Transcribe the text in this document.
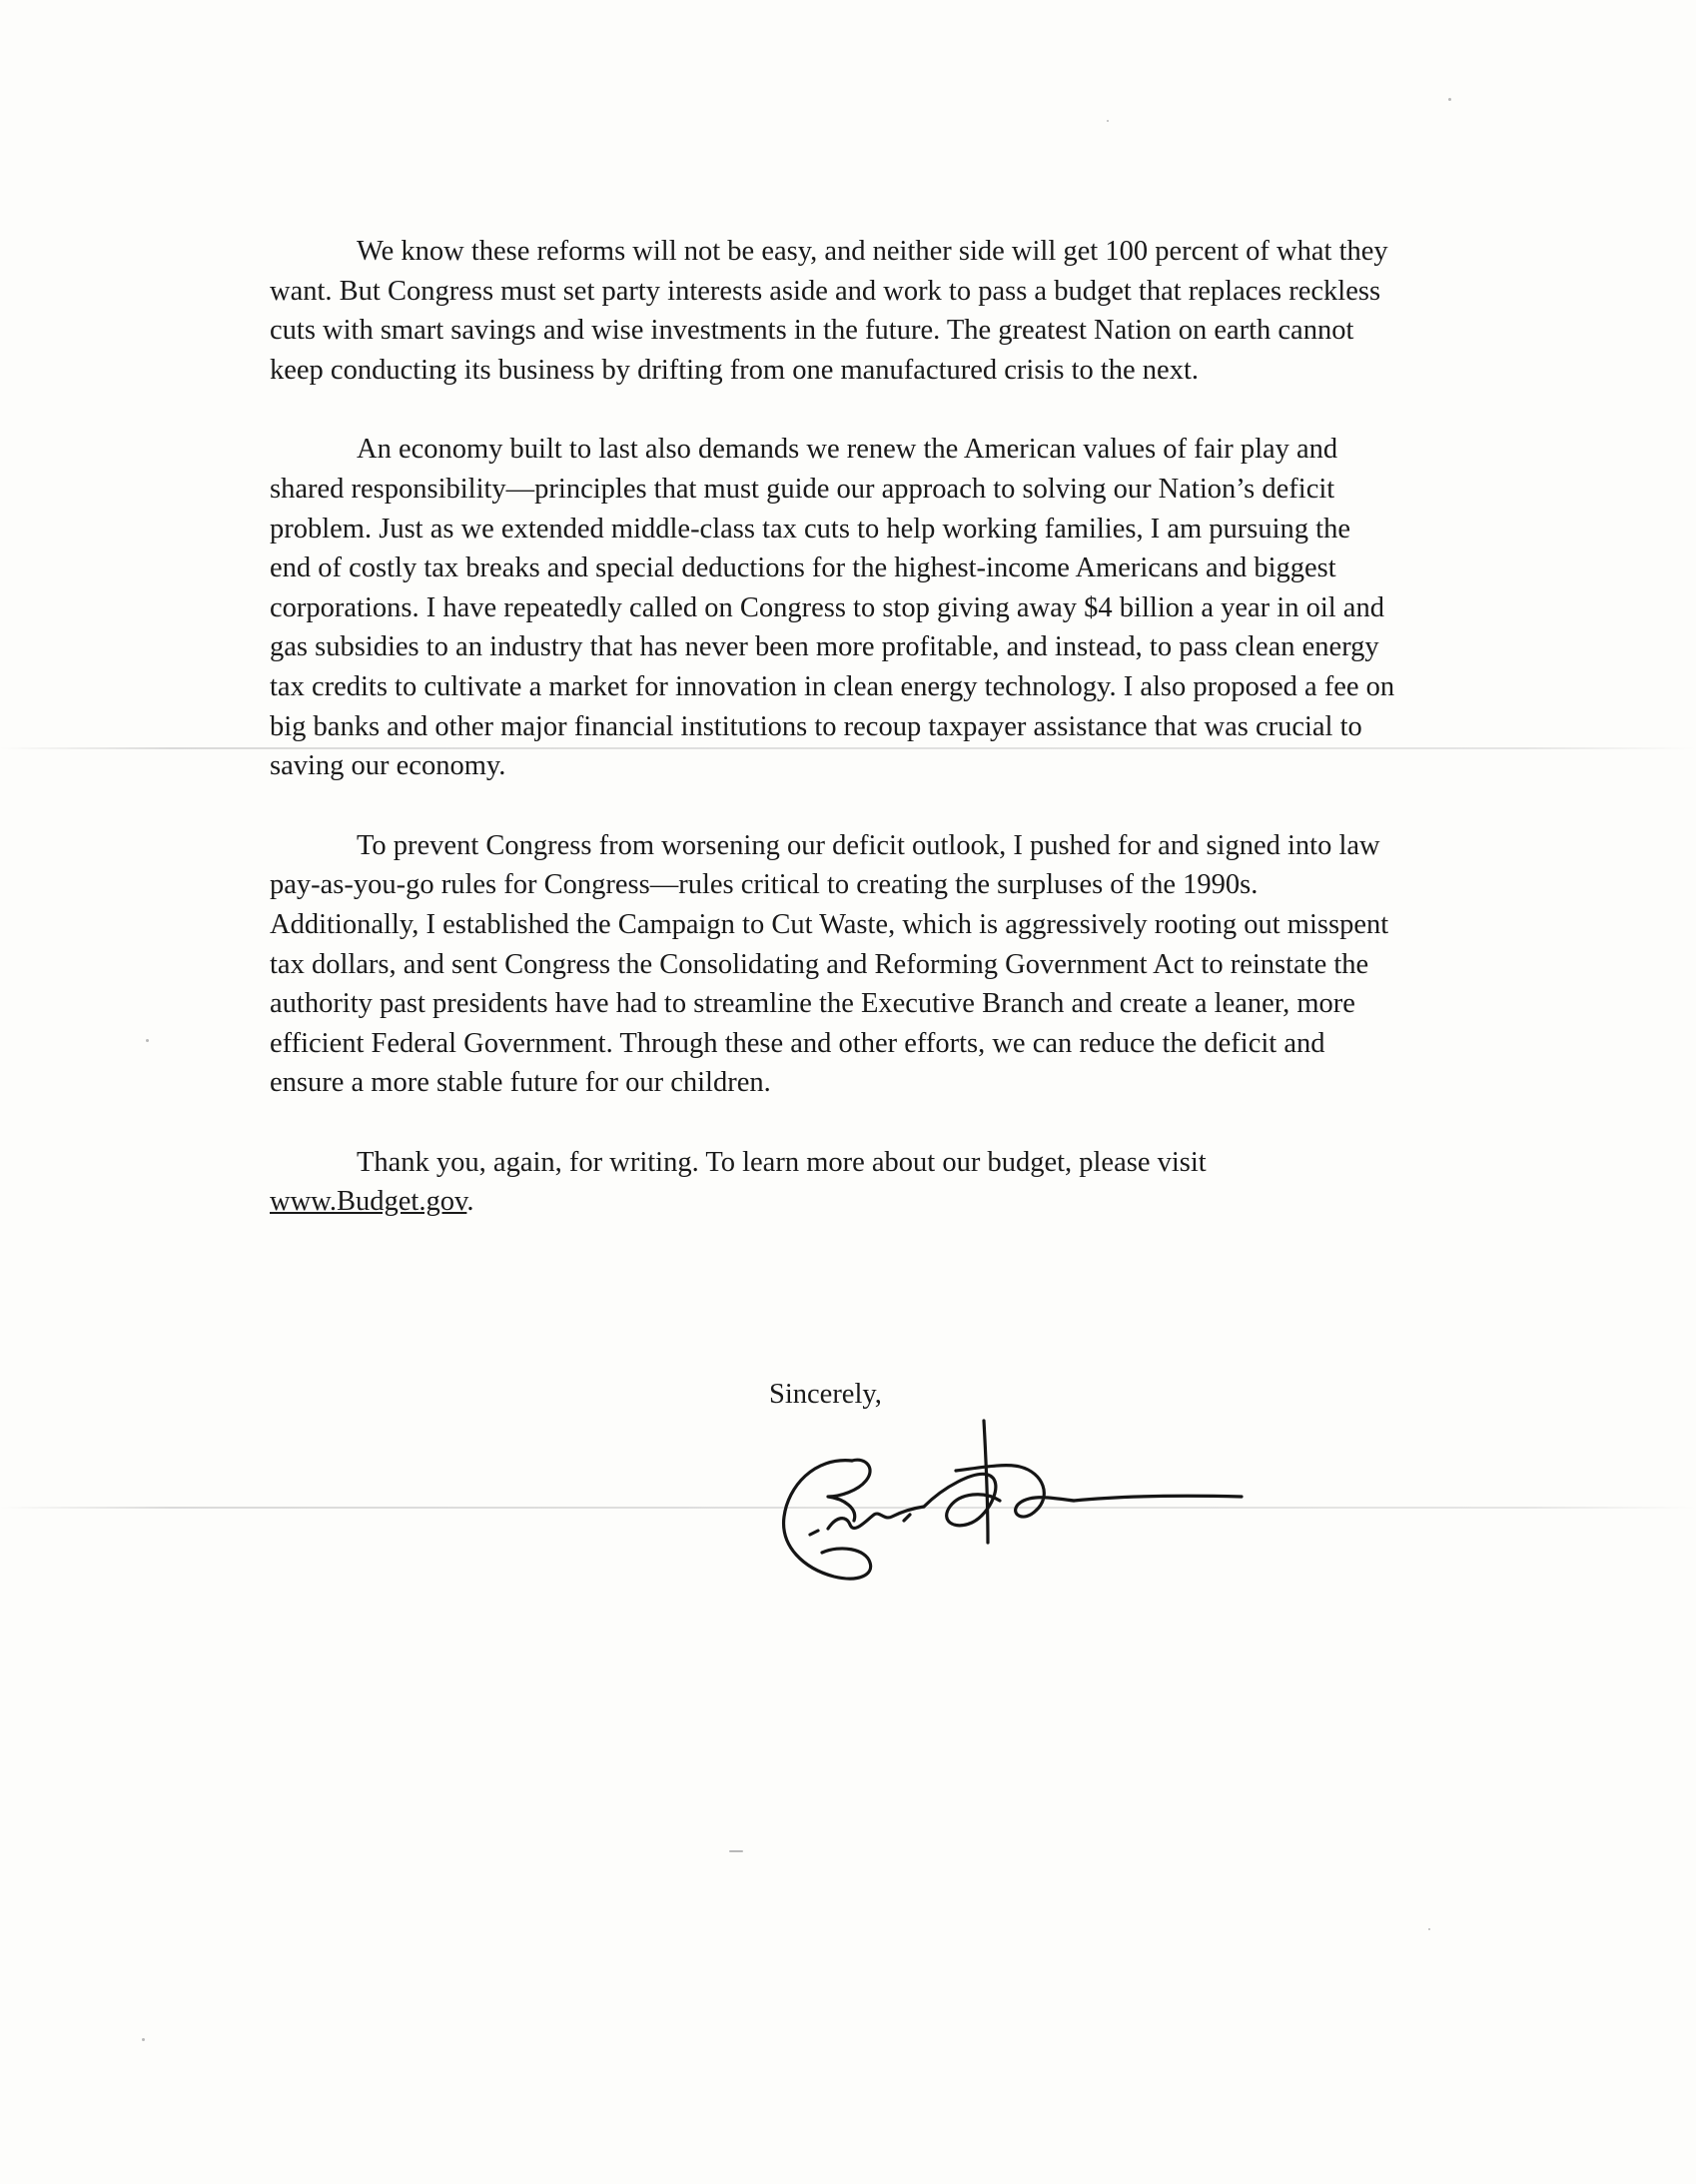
We know these reforms will not be easy, and neither side will get 100 percent of what they want. But Congress must set party interests aside and work to pass a budget that replaces reckless cuts with smart savings and wise investments in the future. The greatest Nation on earth cannot keep conducting its business by drifting from one manufactured crisis to the next.

An economy built to last also demands we renew the American values of fair play and shared responsibility—principles that must guide our approach to solving our Nation’s deficit problem. Just as we extended middle-class tax cuts to help working families, I am pursuing the end of costly tax breaks and special deductions for the highest-income Americans and biggest corporations. I have repeatedly called on Congress to stop giving away $4 billion a year in oil and gas subsidies to an industry that has never been more profitable, and instead, to pass clean energy tax credits to cultivate a market for innovation in clean energy technology. I also proposed a fee on big banks and other major financial institutions to recoup taxpayer assistance that was crucial to saving our economy.

To prevent Congress from worsening our deficit outlook, I pushed for and signed into law pay-as-you-go rules for Congress—rules critical to creating the surpluses of the 1990s. Additionally, I established the Campaign to Cut Waste, which is aggressively rooting out misspent tax dollars, and sent Congress the Consolidating and Reforming Government Act to reinstate the authority past presidents have had to streamline the Executive Branch and create a leaner, more efficient Federal Government. Through these and other efforts, we can reduce the deficit and ensure a more stable future for our children.

Thank you, again, for writing. To learn more about our budget, please visit www.Budget.gov.

Sincerely,
